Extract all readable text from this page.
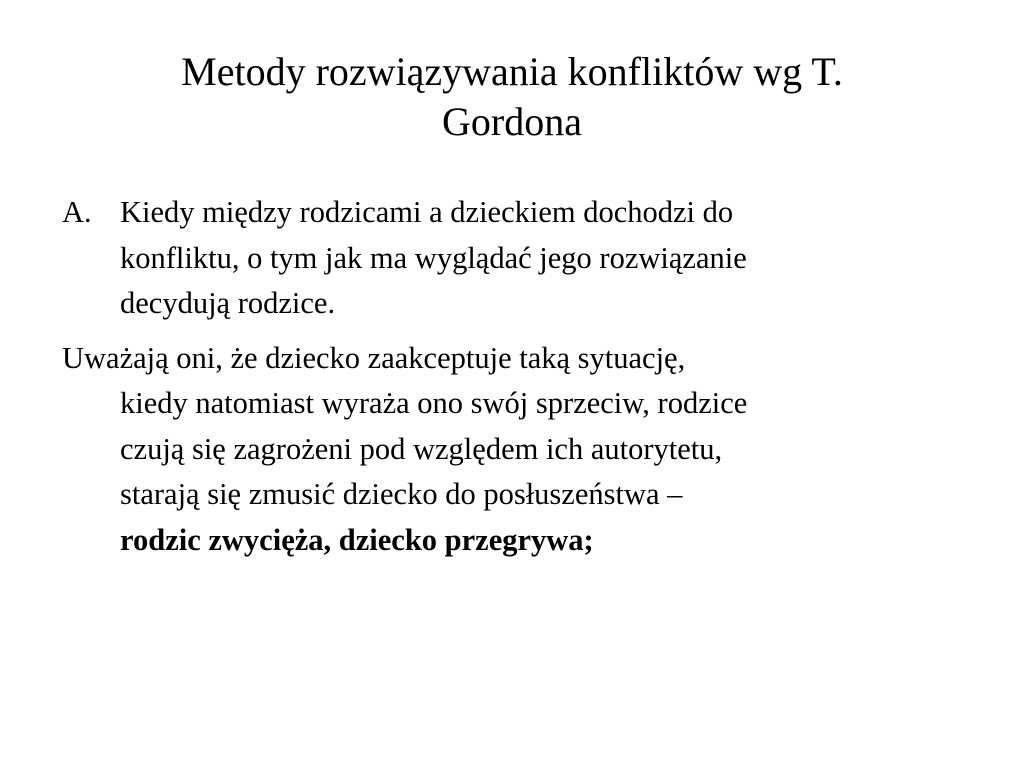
Metody rozwiązywania konfliktów wg T.
Gordona
A. Kiedy między rodzicami a dzieckiem dochodzi do
konfliktu, o tym jak ma wyglądać jego rozwiązanie
decydują rodzice.
Uważają oni, że dziecko zaakceptuje taką sytuację,
kiedy natomiast wyraża ono swój sprzeciw, rodzice
czują się zagrożeni pod względem ich autorytetu,
starają się zmusić dziecko do posłuszeństwa –
rodzic zwycięża, dziecko przegrywa;
